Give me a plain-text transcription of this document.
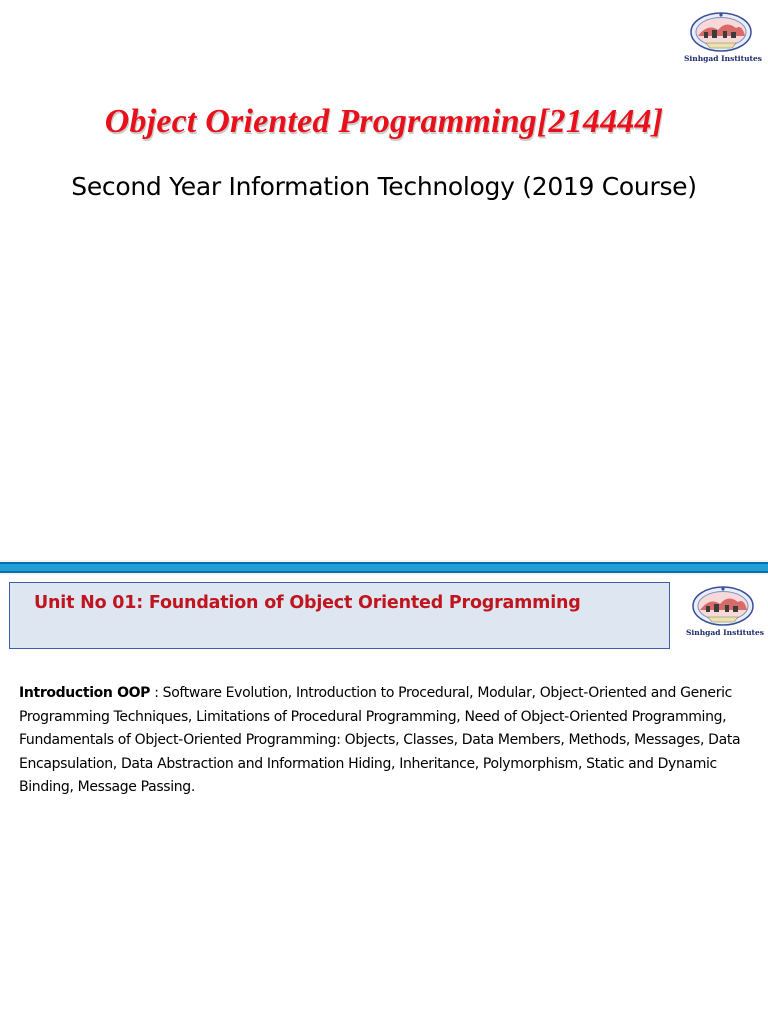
Sinhgad Institutes
Object Oriented Programming[214444]
Second Year Information Technology (2019 Course)
Unit No 01: Foundation of Object Oriented Programming
Sinhgad Institutes
Introduction OOP : Software Evolution, Introduction to Procedural, Modular, Object-Oriented and Generic Programming Techniques, Limitations of Procedural Programming, Need of Object-Oriented Programming, Fundamentals of Object-Oriented Programming: Objects, Classes, Data Members, Methods, Messages, Data Encapsulation, Data Abstraction and Information Hiding, Inheritance, Polymorphism, Static and Dynamic Binding, Message Passing.
